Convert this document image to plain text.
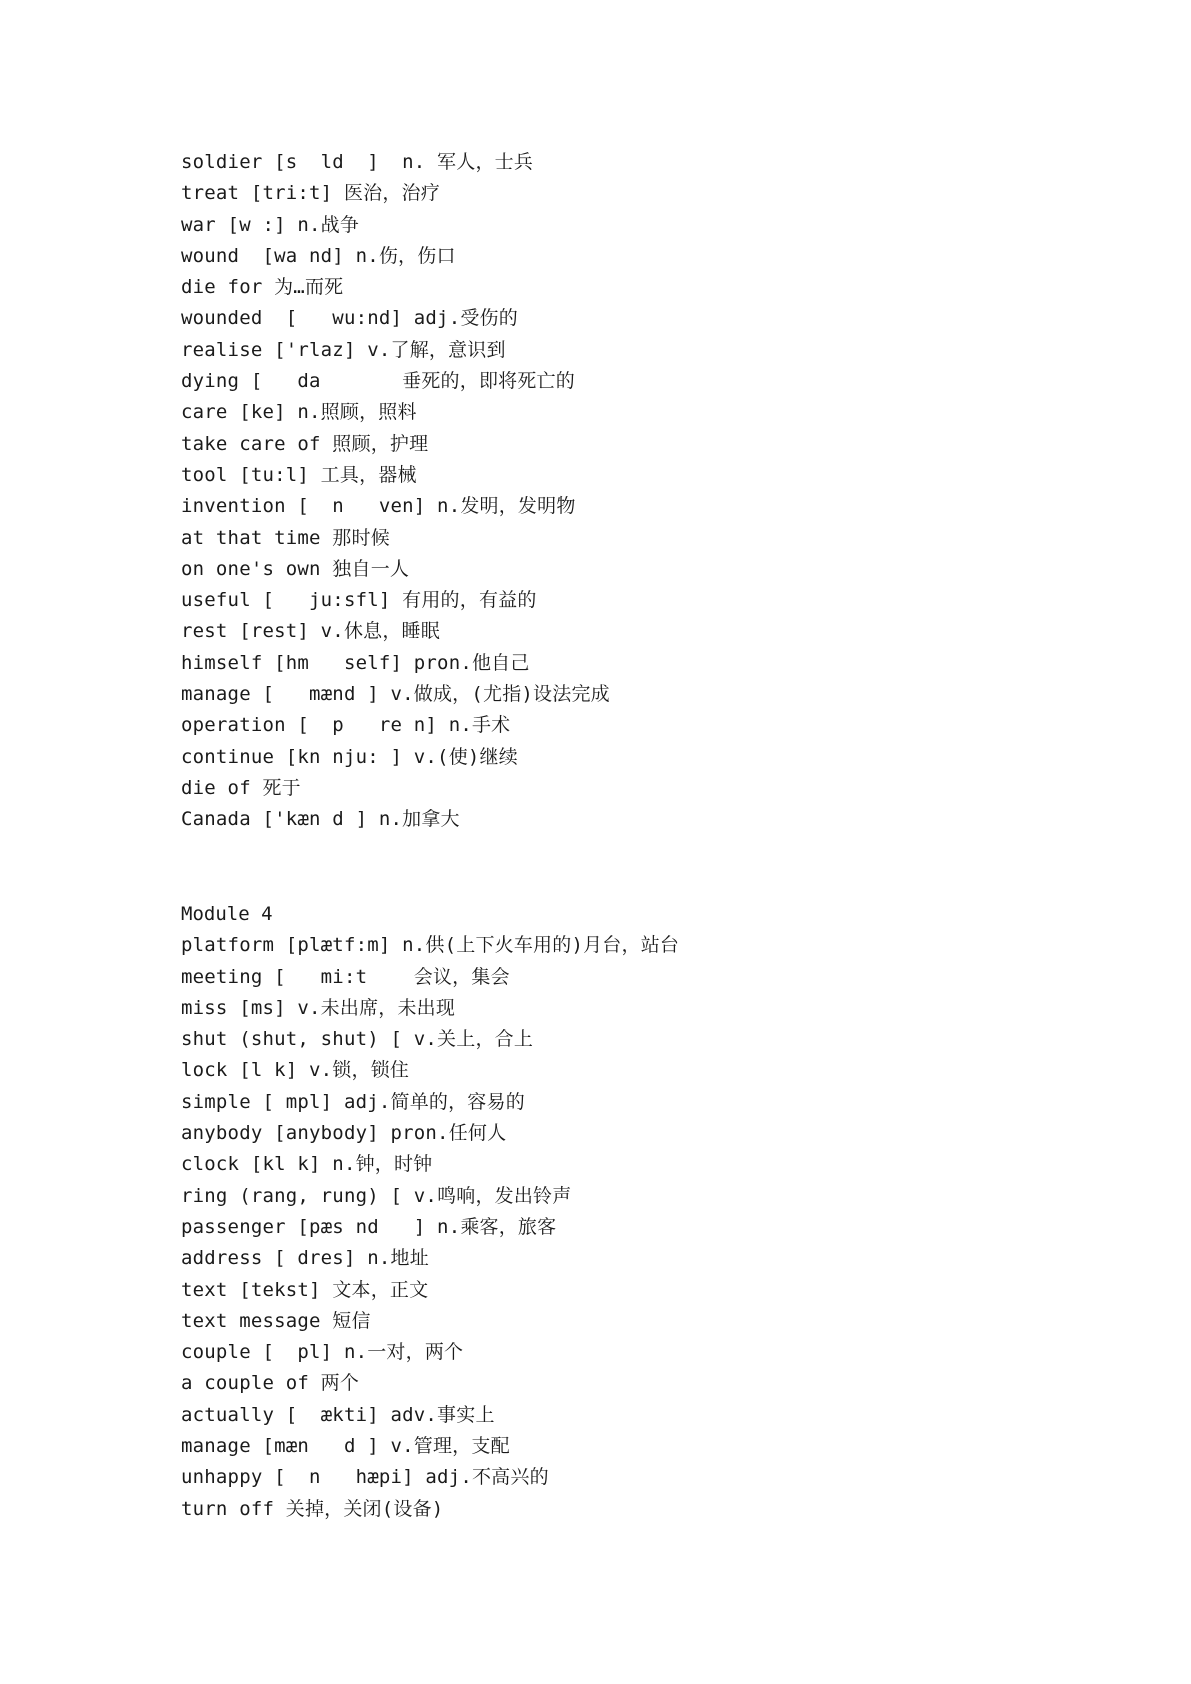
soldier [s  ld  ]  n. 军人，士兵
treat [tri:t] 医治，治疗
war [w :] n.战争
wound  [wa nd] n.伤，伤口
die for 为…而死
wounded  [   wu:nd] adj.受伤的
realise ['rlaz] v.了解，意识到
dying [   da       垂死的，即将死亡的
care [ke] n.照顾，照料
take care of 照顾，护理
tool [tu:l] 工具，器械
invention [  n   ven] n.发明，发明物
at that time 那时候
on one's own 独自一人
useful [   ju:sfl] 有用的，有益的
rest [rest] v.休息，睡眠
himself [hm   self] pron.他自己
manage [   mænd ] v.做成，(尤指)设法完成
operation [  p   re n] n.手术
continue [kn nju: ] v.(使)继续
die of 死于
Canada ['kæn d ] n.加拿大
Module 4
platform [plætf:m] n.供(上下火车用的)月台，站台
meeting [   mi:t    会议，集会
miss [ms] v.未出席，未出现
shut (shut, shut) [ v.关上，合上
lock [l k] v.锁，锁住
simple [ mpl] adj.简单的，容易的
anybody [anybody] pron.任何人
clock [kl k] n.钟，时钟
ring (rang, rung) [ v.鸣响，发出铃声
passenger [pæs nd   ] n.乘客，旅客
address [ dres] n.地址
text [tekst] 文本，正文
text message 短信
couple [  pl] n.一对，两个
a couple of 两个
actually [  ækti] adv.事实上
manage [mæn   d ] v.管理，支配
unhappy [  n   hæpi] adj.不高兴的
turn off 关掉，关闭(设备)
